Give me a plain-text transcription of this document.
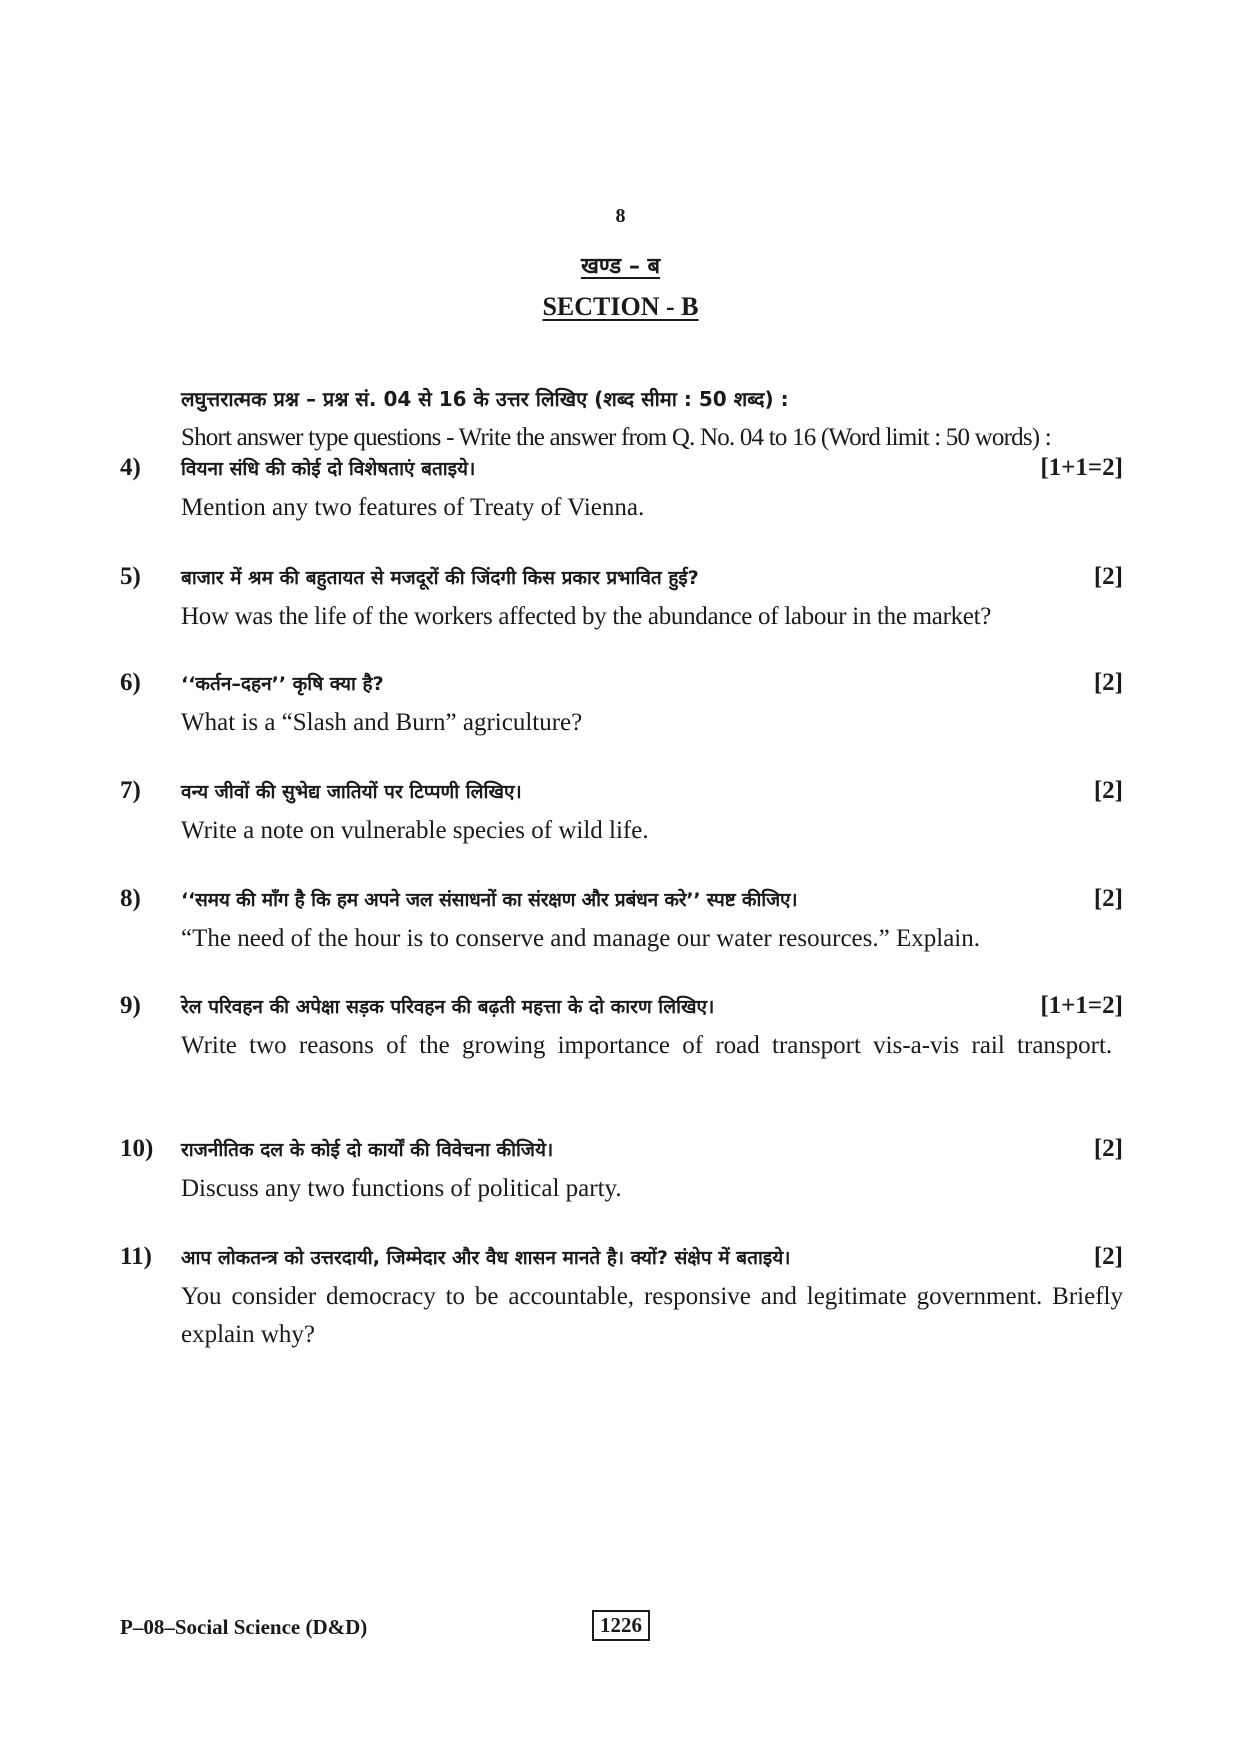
8
खण्ड – ब
SECTION - B
लघुत्तरात्मक प्रश्न – प्रश्न सं. 04 से 16 के उत्तर लिखिए (शब्द सीमा : 50 शब्द) :
Short answer type questions - Write the answer from Q. No. 04 to 16 (Word limit : 50 words) :
4)	[1+1=2]
वियना संधि की कोई दो विशेषताएं बताइये।
Mention any two features of Treaty of Vienna.
5)	[2]
बाजार में श्रम की बहुतायत से मजदूरों की जिंदगी किस प्रकार प्रभावित हुई?
How was the life of the workers affected by the abundance of labour in the market?
6)	[2]
‘‘कर्तन–दहन’’ कृषि क्या है?
What is a “Slash and Burn” agriculture?
7)	[2]
वन्य जीवों की सुभेद्य जातियों पर टिप्पणी लिखिए।
Write a note on vulnerable species of wild life.
8)	[2]
‘‘समय की माँग है कि हम अपने जल संसाधनों का संरक्षण और प्रबंधन करे’’ स्पष्ट कीजिए।
“The need of the hour is to conserve and manage our water resources.” Explain.
9)	[1+1=2]
रेल परिवहन की अपेक्षा सड़क परिवहन की बढ़ती महत्ता के दो कारण लिखिए।
Write two reasons of the growing importance of road transport vis-a-vis rail transport.
10)	[2]
राजनीतिक दल के कोई दो कार्यों की विवेचना कीजिये।
Discuss any two functions of political party.
11)	[2]
आप लोकतन्त्र को उत्तरदायी, जिम्मेदार और वैध शासन मानते है। क्यों? संक्षेप में बताइये।
You consider democracy to be accountable, responsive and legitimate government. Briefly explain why?
P–08–Social Science (D&D)	1226
